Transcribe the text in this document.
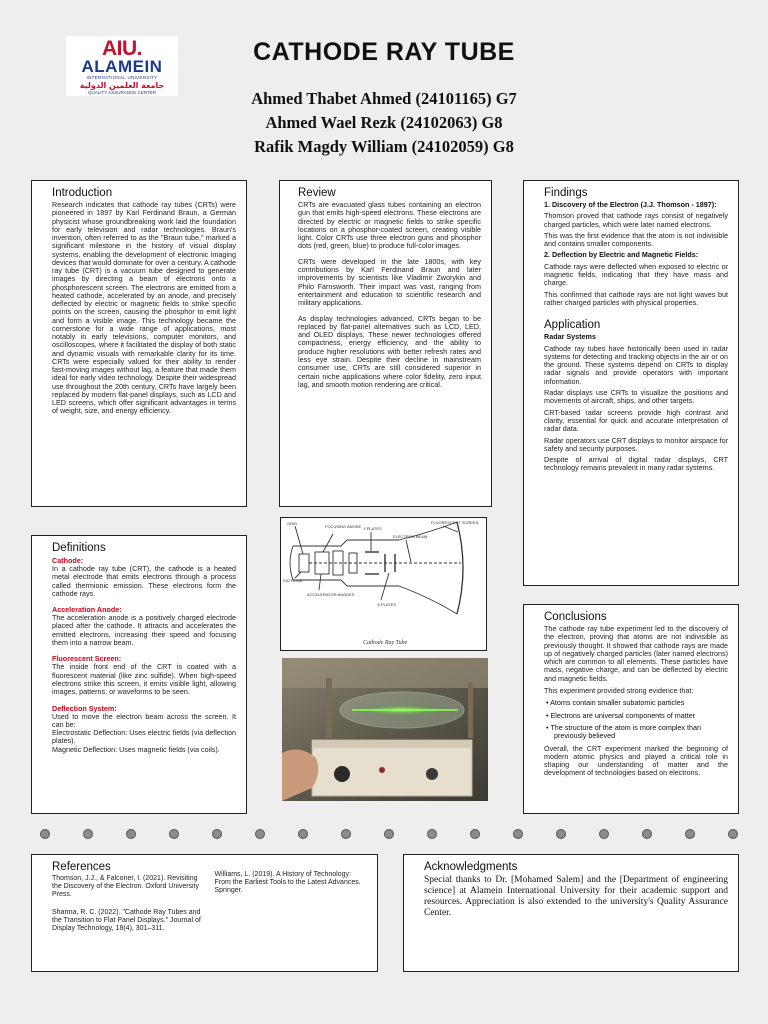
AIU.
ALAMEIN
INTERNATIONAL UNIVERSITY
جامعة العلمين الدولية
QUALITY ASSURANCE CENTER
CATHODE RAY TUBE
Ahmed Thabet Ahmed (24101165) G7
Ahmed Wael Rezk (24102063) G8
Rafik Magdy William (24102059) G8
Introduction
Research indicates that cathode ray tubes (CRTs) were pioneered in 1897 by Karl Ferdinand Braun, a German physicist whose groundbreaking work laid the foundation for early television and radar technologies. Braun's invention, often referred to as the "Braun tube," marked a significant milestone in the history of visual display systems, enabling the development of electronic imaging devices that would dominate for over a century. A cathode ray tube (CRT) is a vacuum tube designed to generate images by directing a beam of electrons onto a phosphorescent screen. The electrons are emitted from a heated cathode, accelerated by an anode, and precisely deflected by electric or magnetic fields to strike specific points on the screen, causing the phosphor to emit light and form a visible image. This technology became the cornerstone for a wide range of applications, most notably in early televisions, computer monitors, and oscilloscopes, where it facilitated the display of both static and dynamic visuals with remarkable clarity for its time. CRTs were especially valued for their ability to render fast-moving images without lag, a feature that made them ideal for early video technology. Despite their widespread use throughout the 20th century, CRTs have largely been replaced by modern flat-panel displays, such as LCD and LED screens, which offer significant advantages in terms of weight, size, and energy efficiency.
Review
CRTs are evacuated glass tubes containing an electron gun that emits high-speed electrons. These electrons are directed by electric or magnetic fields to strike specific locations on a phosphor-coated screen, creating visible light. Color CRTs use three electron guns and phosphor dots (red, green, blue) to produce full-color images.
CRTs were developed in the late 1800s, with key contributions by Karl Ferdinand Braun and later improvements by scientists like Vladimir Zworykin and Philo Farnsworth. Their impact was vast, ranging from entertainment and education to scientific research and military applications.
As display technologies advanced, CRTs began to be replaced by flat-panel alternatives such as LCD, LED, and OLED displays. These newer technologies offered compactness, energy efficiency, and the ability to produce higher resolutions with better refresh rates and less eye strain. Despite their decline in mainstream consumer use, CRTs are still considered superior in certain niche applications where color fidelity, zero input lag, and smooth motion rendering are critical.
Findings
1. Discovery of the Electron (J.J. Thomson - 1897):
Thomson proved that cathode rays consist of negatively charged particles, which were later named electrons.
This was the first evidence that the atom is not indivisible and contains smaller components.
2. Deflection by Electric and Magnetic Fields:
Cathode rays were deflected when exposed to electric or magnetic fields, indicating that they have mass and charge.
This confirmed that cathode rays are not light waves but rather charged particles with physical properties.
Application
Radar Systems
Cathode ray tubes have historically been used in radar systems for detecting and tracking objects in the air or on the ground. These systems depend on CRTs to display radar signals and provide operators with important information.
Radar displays use CRTs to visualize the positions and movements of aircraft, ships, and other targets.
CRT-based radar screens provide high contrast and clarity, essential for quick and accurate interpretation of radar data.
Radar operators use CRT displays to monitor airspace for safety and security purposes.
Despite of arrival of digital radar displays, CRT technology remains prevalent in many radar systems.
Definitions
Cathode:
In a cathode ray tube (CRT), the cathode is a heated metal electrode that emits electrons through a process called thermionic emission. These electrons form the cathode rays.
Acceleration Anode:
The acceleration anode is a positively charged electrode placed after the cathode. It attracts and accelerates the emitted electrons, increasing their speed and focusing them into a narrow beam.
Fluorescent Screen:
The inside front end of the CRT is coated with a fluorescent material (like zinc sulfide). When high-speed electrons strike this screen, it emits visible light, allowing images, patterns, or waveforms to be seen.
Deflection System:
Used to move the electron beam across the screen. It can be:
Electrostatic Deflection: Uses electric fields (via deflection plates).
Magnetic Deflection: Uses magnetic fields (via coils).
GRID
FOCUSING ANODE Y-PLATES
ELECTRON BEAM
FLUORESCENT SCREEN
CATHODE
ACCELERATOR ANODES
X-PLATES
Cathode Ray Tube
Conclusions
The cathode ray tube experiment led to the discovery of the electron, proving that atoms are not indivisible as previously thought. It showed that cathode rays are made up of negatively charged particles (later named electrons) which are common to all elements. These particles have mass, negative charge, and can be deflected by electric and magnetic fields.
This experiment provided strong evidence that:
• Atoms contain smaller subatomic particles
• Electrons are universal components of matter
• The structure of the atom is more complex than previously believed
Overall, the CRT experiment marked the beginning of modern atomic physics and played a critical role in shaping our understanding of matter and the development of technologies based on electrons.
References
Thomson, J.J., & Falconer, I. (2021). Revisiting the Discovery of the Electron. Oxford University Press.
Sharma, R. C. (2022). "Cathode Ray Tubes and the Transition to Flat Panel Displays." Journal of Display Technology, 18(4), 301–311.
Williams, L. (2019). A History of Technology: From the Earliest Tools to the Latest Advances. Springer.
Acknowledgments
Special thanks to Dr. [Mohamed Salem] and the [Department of engineering science] at Alamein International University for their academic support and resources. Appreciation is also extended to the university's Quality Assurance Center.
